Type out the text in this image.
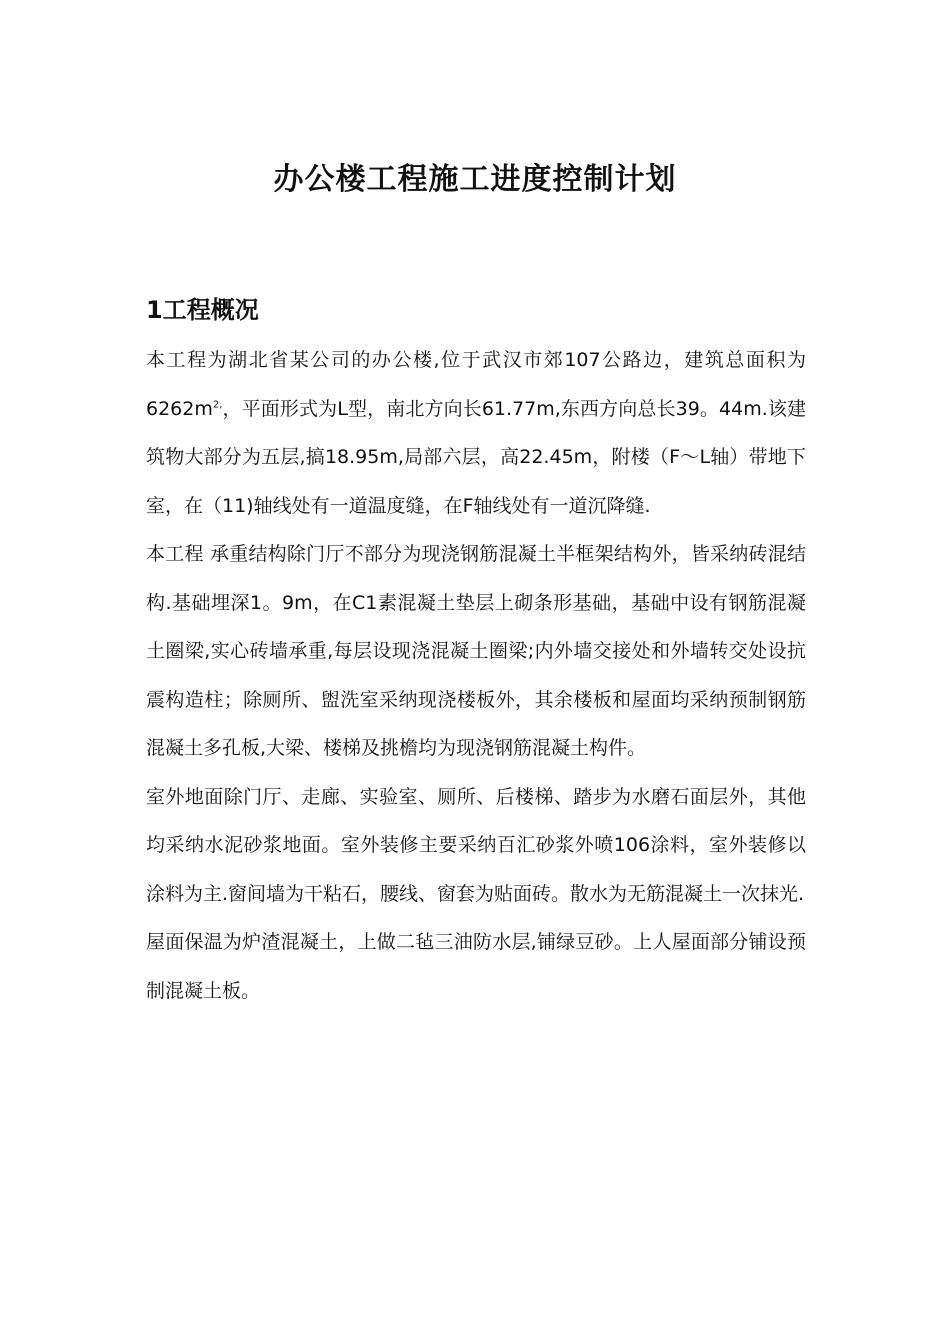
办公楼工程施工进度控制计划
1工程概况

本工程为湖北省某公司的办公楼,位于武汉市郊107公路边，建筑总面积为$6262m^{2,}$，平面形式为L型，南北方向长61.77m,东西方向总长39。44m.该建筑物大部分为五层,搞18.95m,局部六层，高22.45m，附楼（F～L轴）带地下室，在（11)轴线处有一道温度缝，在F轴线处有一道沉降缝.

本工程 承重结构除门厅不部分为现浇钢筋混凝土半框架结构外，皆采纳砖混结构.基础埋深1。9m，在C1素混凝土垫层上砌条形基础，基础中设有钢筋混凝土圈梁,实心砖墙承重,每层设现浇混凝土圈梁;内外墙交接处和外墙转交处设抗震构造柱；除厕所、盥洗室采纳现浇楼板外，其余楼板和屋面均采纳预制钢筋混凝土多孔板,大梁、楼梯及挑檐均为现浇钢筋混凝土构件。

室外地面除门厅、走廊、实验室、厕所、后楼梯、踏步为水磨石面层外，其他均采纳水泥砂浆地面。室外装修主要采纳百汇砂浆外喷106涂料，室外装修以涂料为主.窗间墙为干粘石，腰线、窗套为贴面砖。散水为无筋混凝土一次抹光.

屋面保温为炉渣混凝土，上做二毡三油防水层,铺绿豆砂。上人屋面部分铺设预制混凝土板。
